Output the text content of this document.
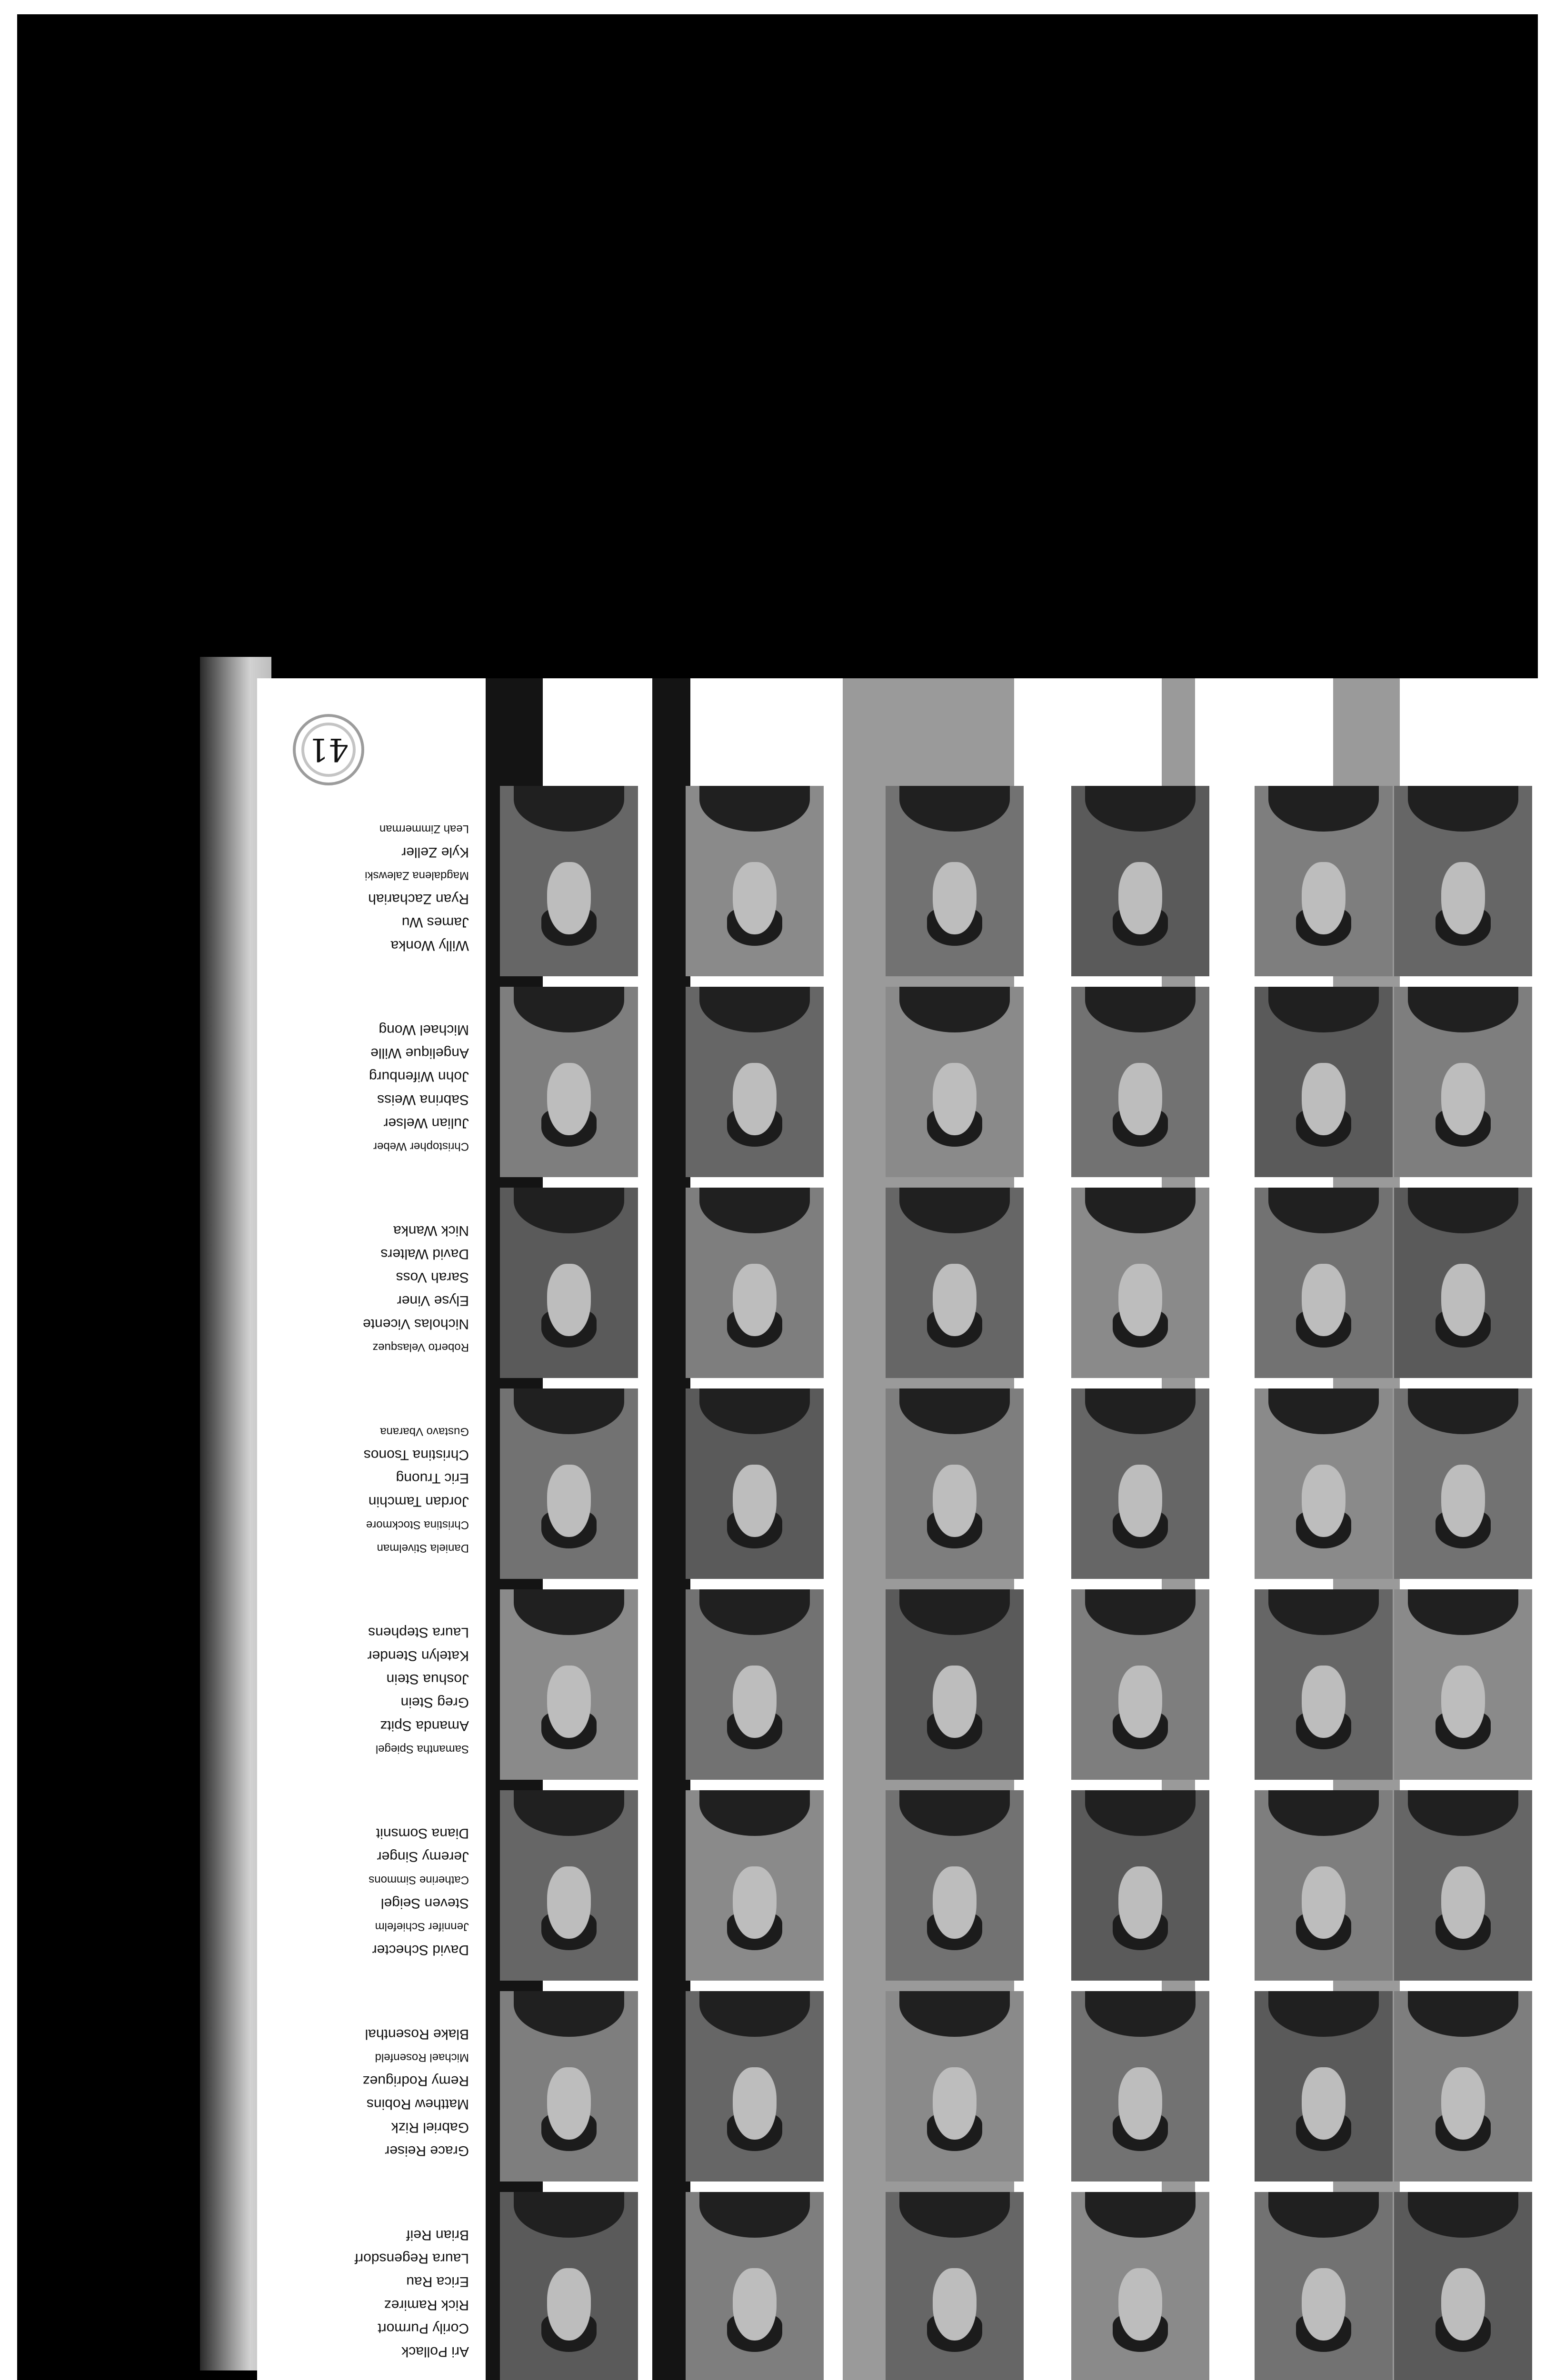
Ari Pollack
Corily Purmort
Rick Ramirez
Erica Rau
Laura Regensdorf
Brian Reif
Grace Reiser
Gabriel Rizk
Matthew Robins
Remy Rodriguez
Michael Rosenfeld
Blake Rosenthal
David Schecter
Jennifer Schiefelm
Steven Seigel
Catherine Simmons
Jeremy Singer
Diana Somsnit
Samantha Spiegel
Amanda Spitz
Greg Stein
Joshua Stein
Katelyn Stender
Laura Stephens
Daniela Stivelman
Christina Stockmore
Jordan Tamchin
Eric Truong
Christina Tsonos
Gustavo Vbarana
Roberto Velasquez
Nicholas Vicente
Elyse Viner
Sarah Voss
David Walters
Nick Wanka
Christopher Weber
Julian Welser
Sabrina Weiss
John Wifenburg
Angelique Wille
Michael Wong
Willy Wonka
James Wu
Ryan Zachariah
Magdalena Zalewski
Kyle Zeller
Leah Zimmerman
41
